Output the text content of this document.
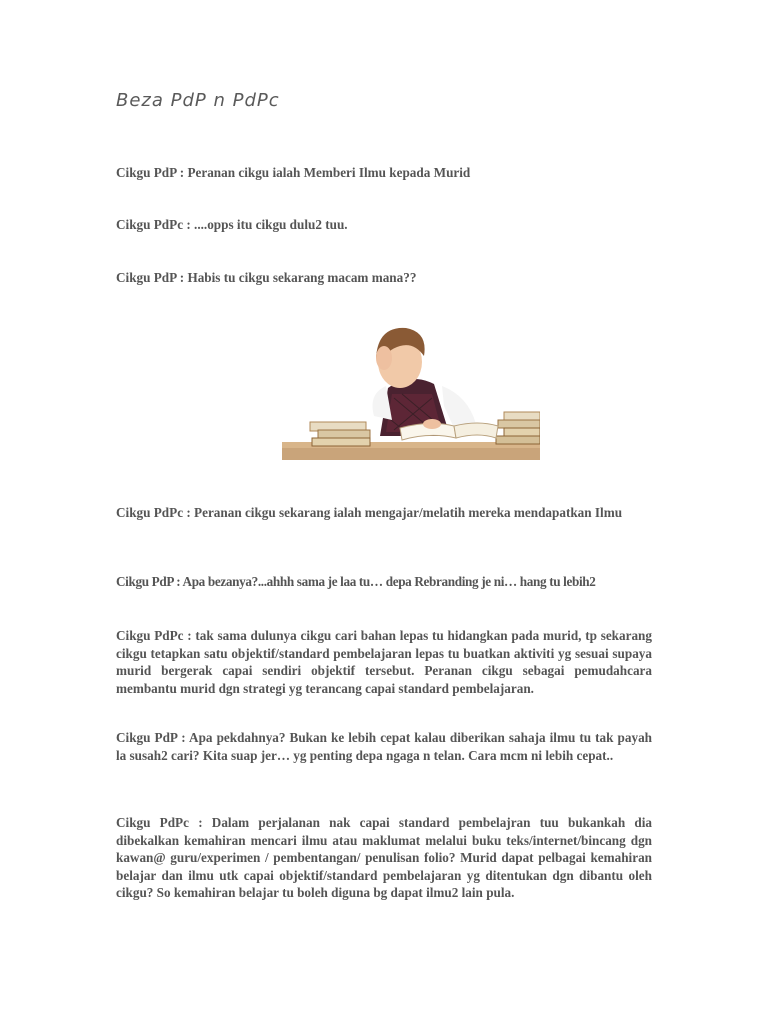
Beza PdP n PdPc

Cikgu PdP : Peranan cikgu ialah Memberi Ilmu kepada Murid

Cikgu PdPc : ....opps itu cikgu dulu2 tuu.

Cikgu PdP : Habis tu cikgu sekarang macam mana??

Cikgu PdPc : Peranan cikgu sekarang ialah mengajar/melatih mereka mendapatkan Ilmu

Cikgu PdP : Apa bezanya?...ahhh sama je laa tu… depa Rebranding je ni… hang tu lebih2

Cikgu PdPc : tak sama dulunya cikgu cari bahan lepas tu hidangkan pada murid, tp sekarang cikgu tetapkan satu objektif/standard pembelajaran lepas tu buatkan aktiviti yg sesuai supaya murid bergerak capai sendiri objektif tersebut. Peranan cikgu sebagai pemudahcara membantu murid dgn strategi yg terancang capai standard pembelajaran.

Cikgu PdP : Apa pekdahnya? Bukan ke lebih cepat kalau diberikan sahaja ilmu tu tak payah la susah2 cari? Kita suap jer… yg penting depa ngaga n telan. Cara mcm ni lebih cepat..

Cikgu PdPc : Dalam perjalanan nak capai standard pembelajran tuu bukankah dia dibekalkan kemahiran mencari ilmu atau maklumat melalui buku teks/internet/bincang dgn kawan@ guru/experimen / pembentangan/ penulisan folio? Murid dapat pelbagai kemahiran belajar dan ilmu utk capai objektif/standard pembelajaran yg ditentukan dgn dibantu oleh cikgu? So kemahiran belajar tu boleh diguna bg dapat ilmu2 lain pula.
